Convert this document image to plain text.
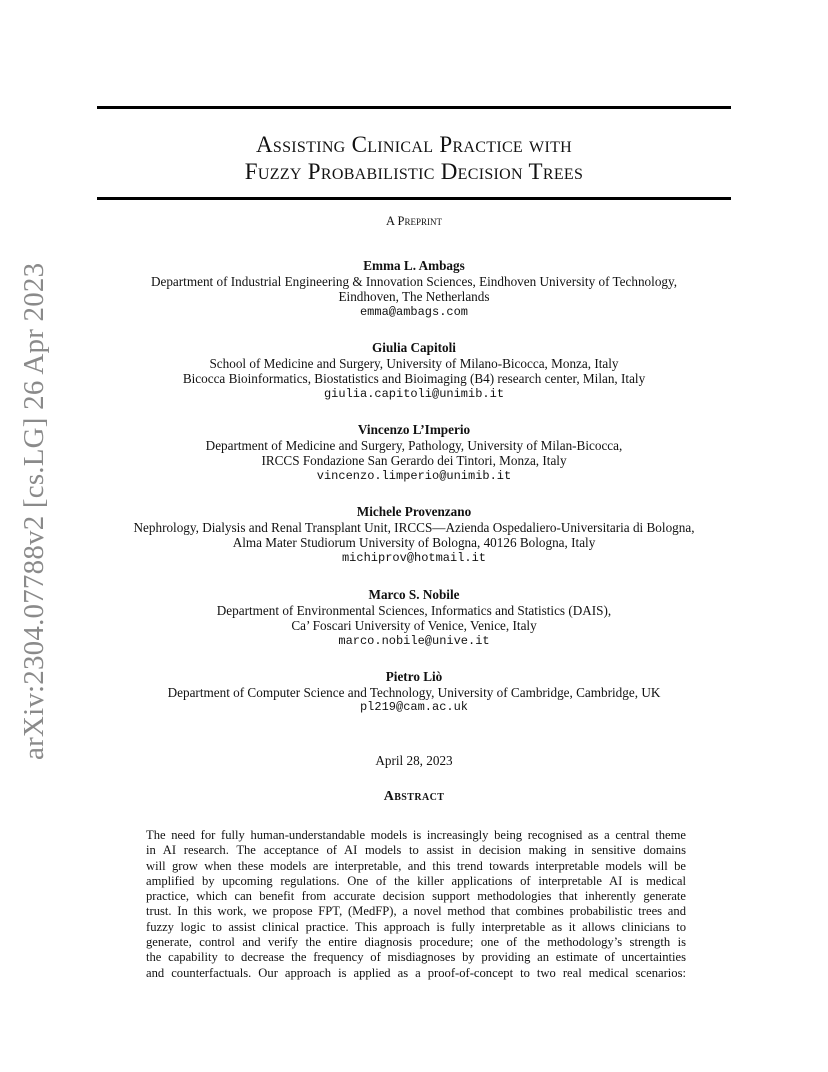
arXiv:2304.07788v2 [cs.LG] 26 Apr 2023
Assisting Clinical Practice with
Fuzzy Probabilistic Decision Trees
A Preprint
Emma L. Ambags
Department of Industrial Engineering & Innovation Sciences, Eindhoven University of Technology,
Eindhoven, The Netherlands
emma@ambags.com
Giulia Capitoli
School of Medicine and Surgery, University of Milano-Bicocca, Monza, Italy
Bicocca Bioinformatics, Biostatistics and Bioimaging (B4) research center, Milan, Italy
giulia.capitoli@unimib.it
Vincenzo L’Imperio
Department of Medicine and Surgery, Pathology, University of Milan-Bicocca,
IRCCS Fondazione San Gerardo dei Tintori, Monza, Italy
vincenzo.limperio@unimib.it
Michele Provenzano
Nephrology, Dialysis and Renal Transplant Unit, IRCCS—Azienda Ospedaliero-Universitaria di Bologna,
Alma Mater Studiorum University of Bologna, 40126 Bologna, Italy
michiprov@hotmail.it
Marco S. Nobile
Department of Environmental Sciences, Informatics and Statistics (DAIS),
Ca’ Foscari University of Venice, Venice, Italy
marco.nobile@unive.it
Pietro Liò
Department of Computer Science and Technology, University of Cambridge, Cambridge, UK
pl219@cam.ac.uk
April 28, 2023
Abstract
The need for fully human-understandable models is increasingly being recognised as a central theme
in AI research. The acceptance of AI models to assist in decision making in sensitive domains
will grow when these models are interpretable, and this trend towards interpretable models will be
amplified by upcoming regulations. One of the killer applications of interpretable AI is medical
practice, which can benefit from accurate decision support methodologies that inherently generate
trust. In this work, we propose FPT, (MedFP), a novel method that combines probabilistic trees and
fuzzy logic to assist clinical practice. This approach is fully interpretable as it allows clinicians to
generate, control and verify the entire diagnosis procedure; one of the methodology’s strength is
the capability to decrease the frequency of misdiagnoses by providing an estimate of uncertainties
and counterfactuals. Our approach is applied as a proof-of-concept to two real medical scenarios:
